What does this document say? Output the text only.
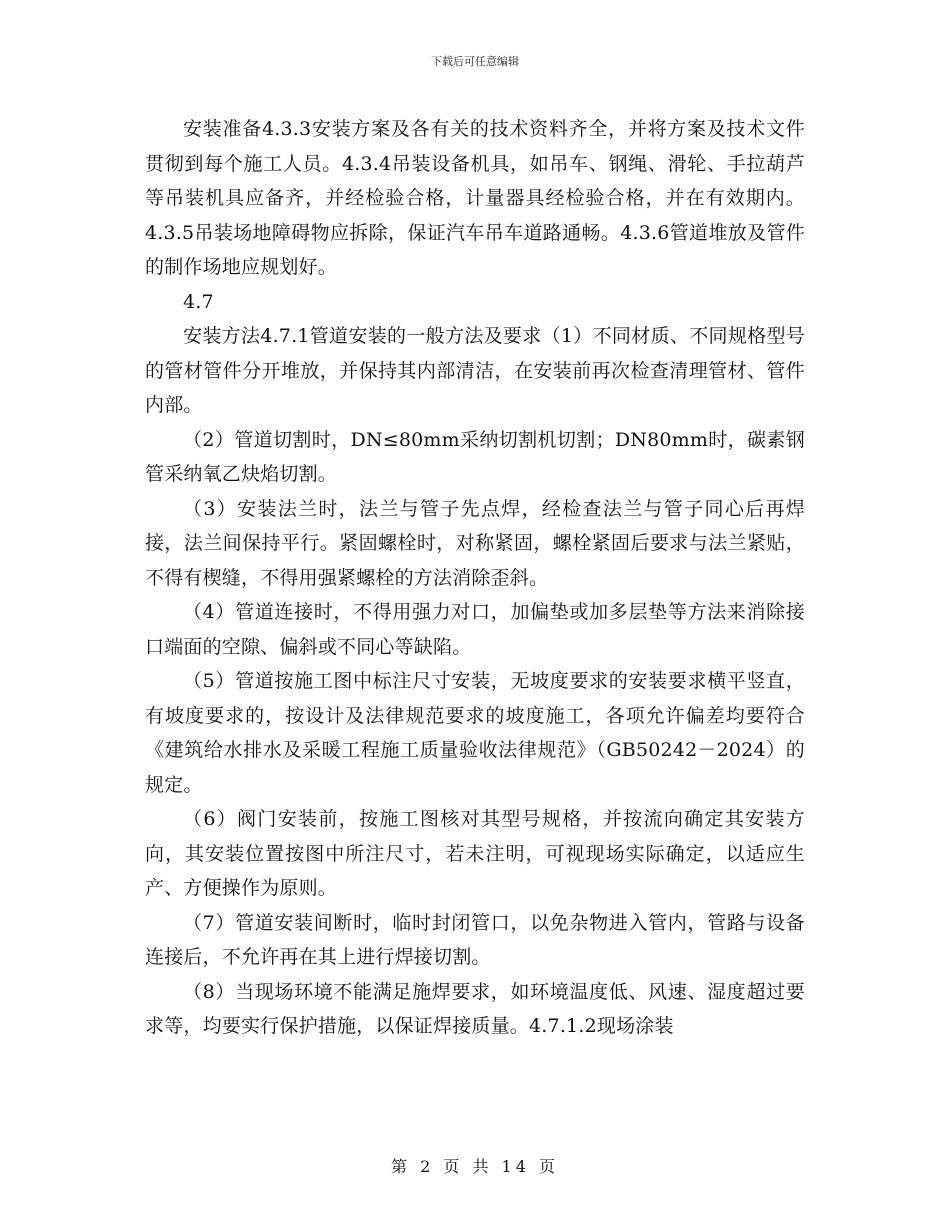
下载后可任意编辑

安装准备4.3.3安装方案及各有关的技术资料齐全，并将方案及技术文件贯彻到每个施工人员。4.3.4吊装设备机具，如吊车、钢绳、滑轮、手拉葫芦等吊装机具应备齐，并经检验合格，计量器具经检验合格，并在有效期内。4.3.5吊装场地障碍物应拆除，保证汽车吊车道路通畅。4.3.6管道堆放及管件的制作场地应规划好。

4.7

安装方法4.7.1管道安装的一般方法及要求（1）不同材质、不同规格型号的管材管件分开堆放，并保持其内部清洁，在安装前再次检查清理管材、管件内部。

（2）管道切割时，DN≤80mm采纳切割机切割；DN80mm时，碳素钢管采纳氧乙炔焰切割。

（3）安装法兰时，法兰与管子先点焊，经检查法兰与管子同心后再焊接，法兰间保持平行。紧固螺栓时，对称紧固，螺栓紧固后要求与法兰紧贴，不得有楔缝，不得用强紧螺栓的方法消除歪斜。

（4）管道连接时，不得用强力对口，加偏垫或加多层垫等方法来消除接口端面的空隙、偏斜或不同心等缺陷。

（5）管道按施工图中标注尺寸安装，无坡度要求的安装要求横平竖直，有坡度要求的，按设计及法律规范要求的坡度施工，各项允许偏差均要符合《建筑给水排水及采暖工程施工质量验收法律规范》（GB50242－2024）的规定。

（6）阀门安装前，按施工图核对其型号规格，并按流向确定其安装方向，其安装位置按图中所注尺寸，若未注明，可视现场实际确定，以适应生产、方便操作为原则。

（7）管道安装间断时，临时封闭管口，以免杂物进入管内，管路与设备连接后，不允许再在其上进行焊接切割。

（8）当现场环境不能满足施焊要求，如环境温度低、风速、湿度超过要求等，均要实行保护措施，以保证焊接质量。4.7.1.2现场涂装

第 2 页 共 14 页
